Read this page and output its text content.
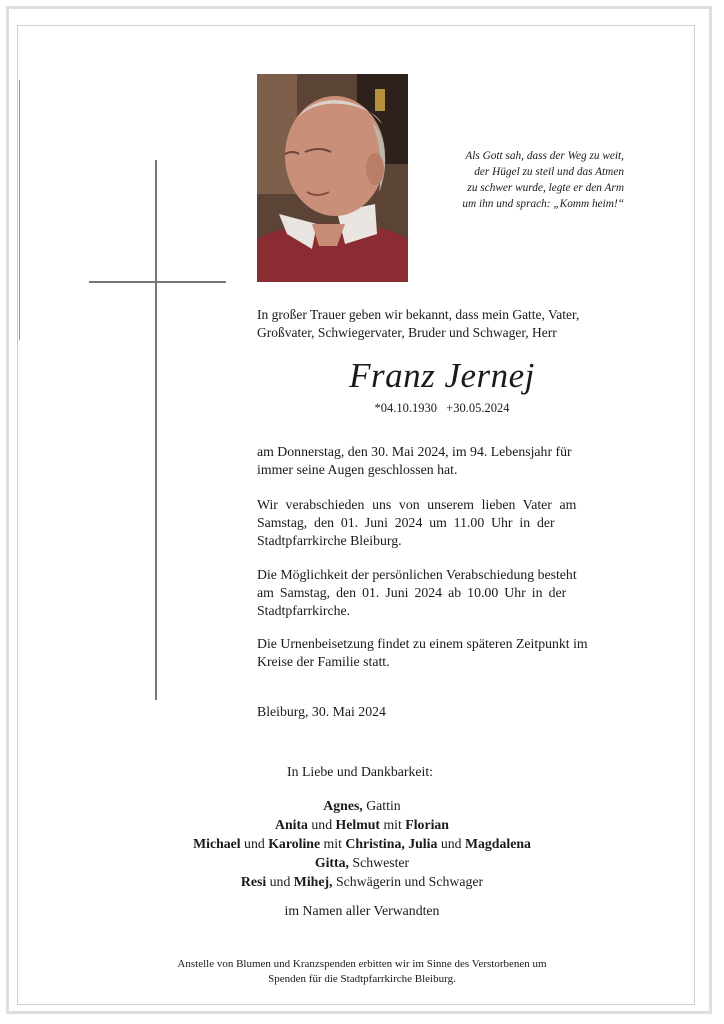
Als Gott sah, dass der Weg zu weit,
der Hügel zu steil und das Atmen
zu schwer wurde, legte er den Arm
um ihn und sprach: „Komm heim!“
In großer Trauer geben wir bekannt, dass mein Gatte, Vater,
Großvater, Schwiegervater, Bruder und Schwager, Herr
Franz Jernej
*04.10.1930 +30.05.2024
am Donnerstag, den 30. Mai 2024, im 94. Lebensjahr für
immer seine Augen geschlossen hat.
Wir verabschieden uns von unserem lieben Vater am
Samstag, den 01. Juni 2024 um 11.00 Uhr in der
Stadtpfarrkirche Bleiburg.
Die Möglichkeit der persönlichen Verabschiedung besteht
am Samstag, den 01. Juni 2024 ab 10.00 Uhr in der
Stadtpfarrkirche.
Die Urnenbeisetzung findet zu einem späteren Zeitpunkt im
Kreise der Familie statt.
Bleiburg, 30. Mai 2024
In Liebe und Dankbarkeit:
Agnes, Gattin
Anita und Helmut mit Florian
Michael und Karoline mit Christina, Julia und Magdalena
Gitta, Schwester
Resi und Mihej, Schwägerin und Schwager
im Namen aller Verwandten
Anstelle von Blumen und Kranzspenden erbitten wir im Sinne des Verstorbenen um
Spenden für die Stadtpfarrkirche Bleiburg.
